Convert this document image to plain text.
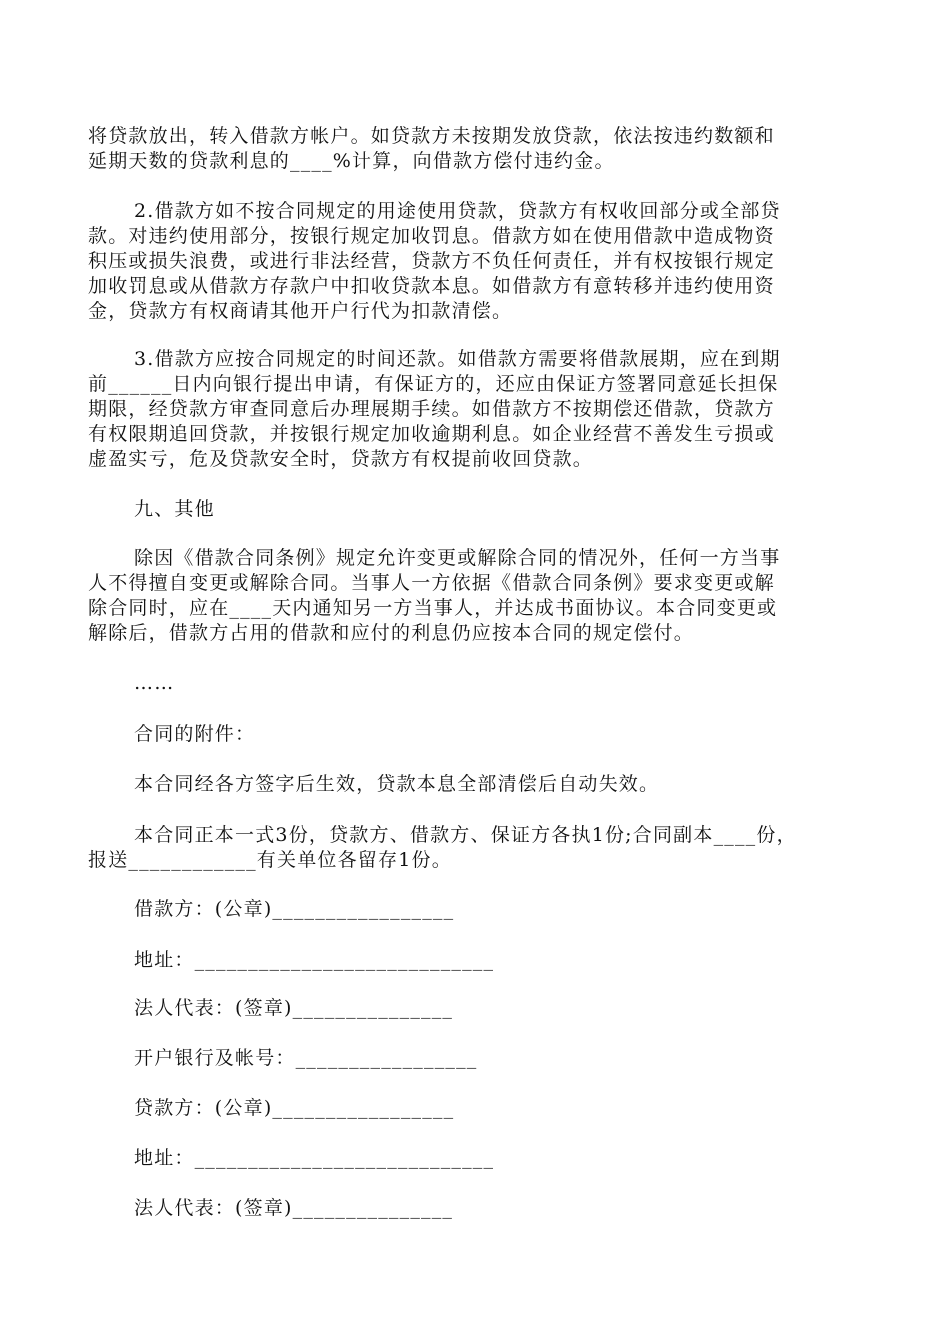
将贷款放出，转入借款方帐户。如贷款方未按期发放贷款，依法按违约数额和
延期天数的贷款利息的____%计算，向借款方偿付违约金。

2.借款方如不按合同规定的用途使用贷款，贷款方有权收回部分或全部贷
款。对违约使用部分，按银行规定加收罚息。借款方如在使用借款中造成物资
积压或损失浪费，或进行非法经营，贷款方不负任何责任，并有权按银行规定
加收罚息或从借款方存款户中扣收贷款本息。如借款方有意转移并违约使用资
金，贷款方有权商请其他开户行代为扣款清偿。

3.借款方应按合同规定的时间还款。如借款方需要将借款展期，应在到期
前______日内向银行提出申请，有保证方的，还应由保证方签署同意延长担保
期限，经贷款方审查同意后办理展期手续。如借款方不按期偿还借款，贷款方
有权限期追回贷款，并按银行规定加收逾期利息。如企业经营不善发生亏损或
虚盈实亏，危及贷款安全时，贷款方有权提前收回贷款。

九、其他

除因《借款合同条例》规定允许变更或解除合同的情况外，任何一方当事
人不得擅自变更或解除合同。当事人一方依据《借款合同条例》要求变更或解
除合同时，应在____天内通知另一方当事人，并达成书面协议。本合同变更或
解除后，借款方占用的借款和应付的利息仍应按本合同的规定偿付。

……

合同的附件：

本合同经各方签字后生效，贷款本息全部清偿后自动失效。

本合同正本一式3份，贷款方、借款方、保证方各执1份;合同副本____份，
报送____________有关单位各留存1份。

借款方：(公章)_________________

地址：____________________________

法人代表：(签章)_______________

开户银行及帐号：_________________

贷款方：(公章)_________________

地址：____________________________

法人代表：(签章)_______________
